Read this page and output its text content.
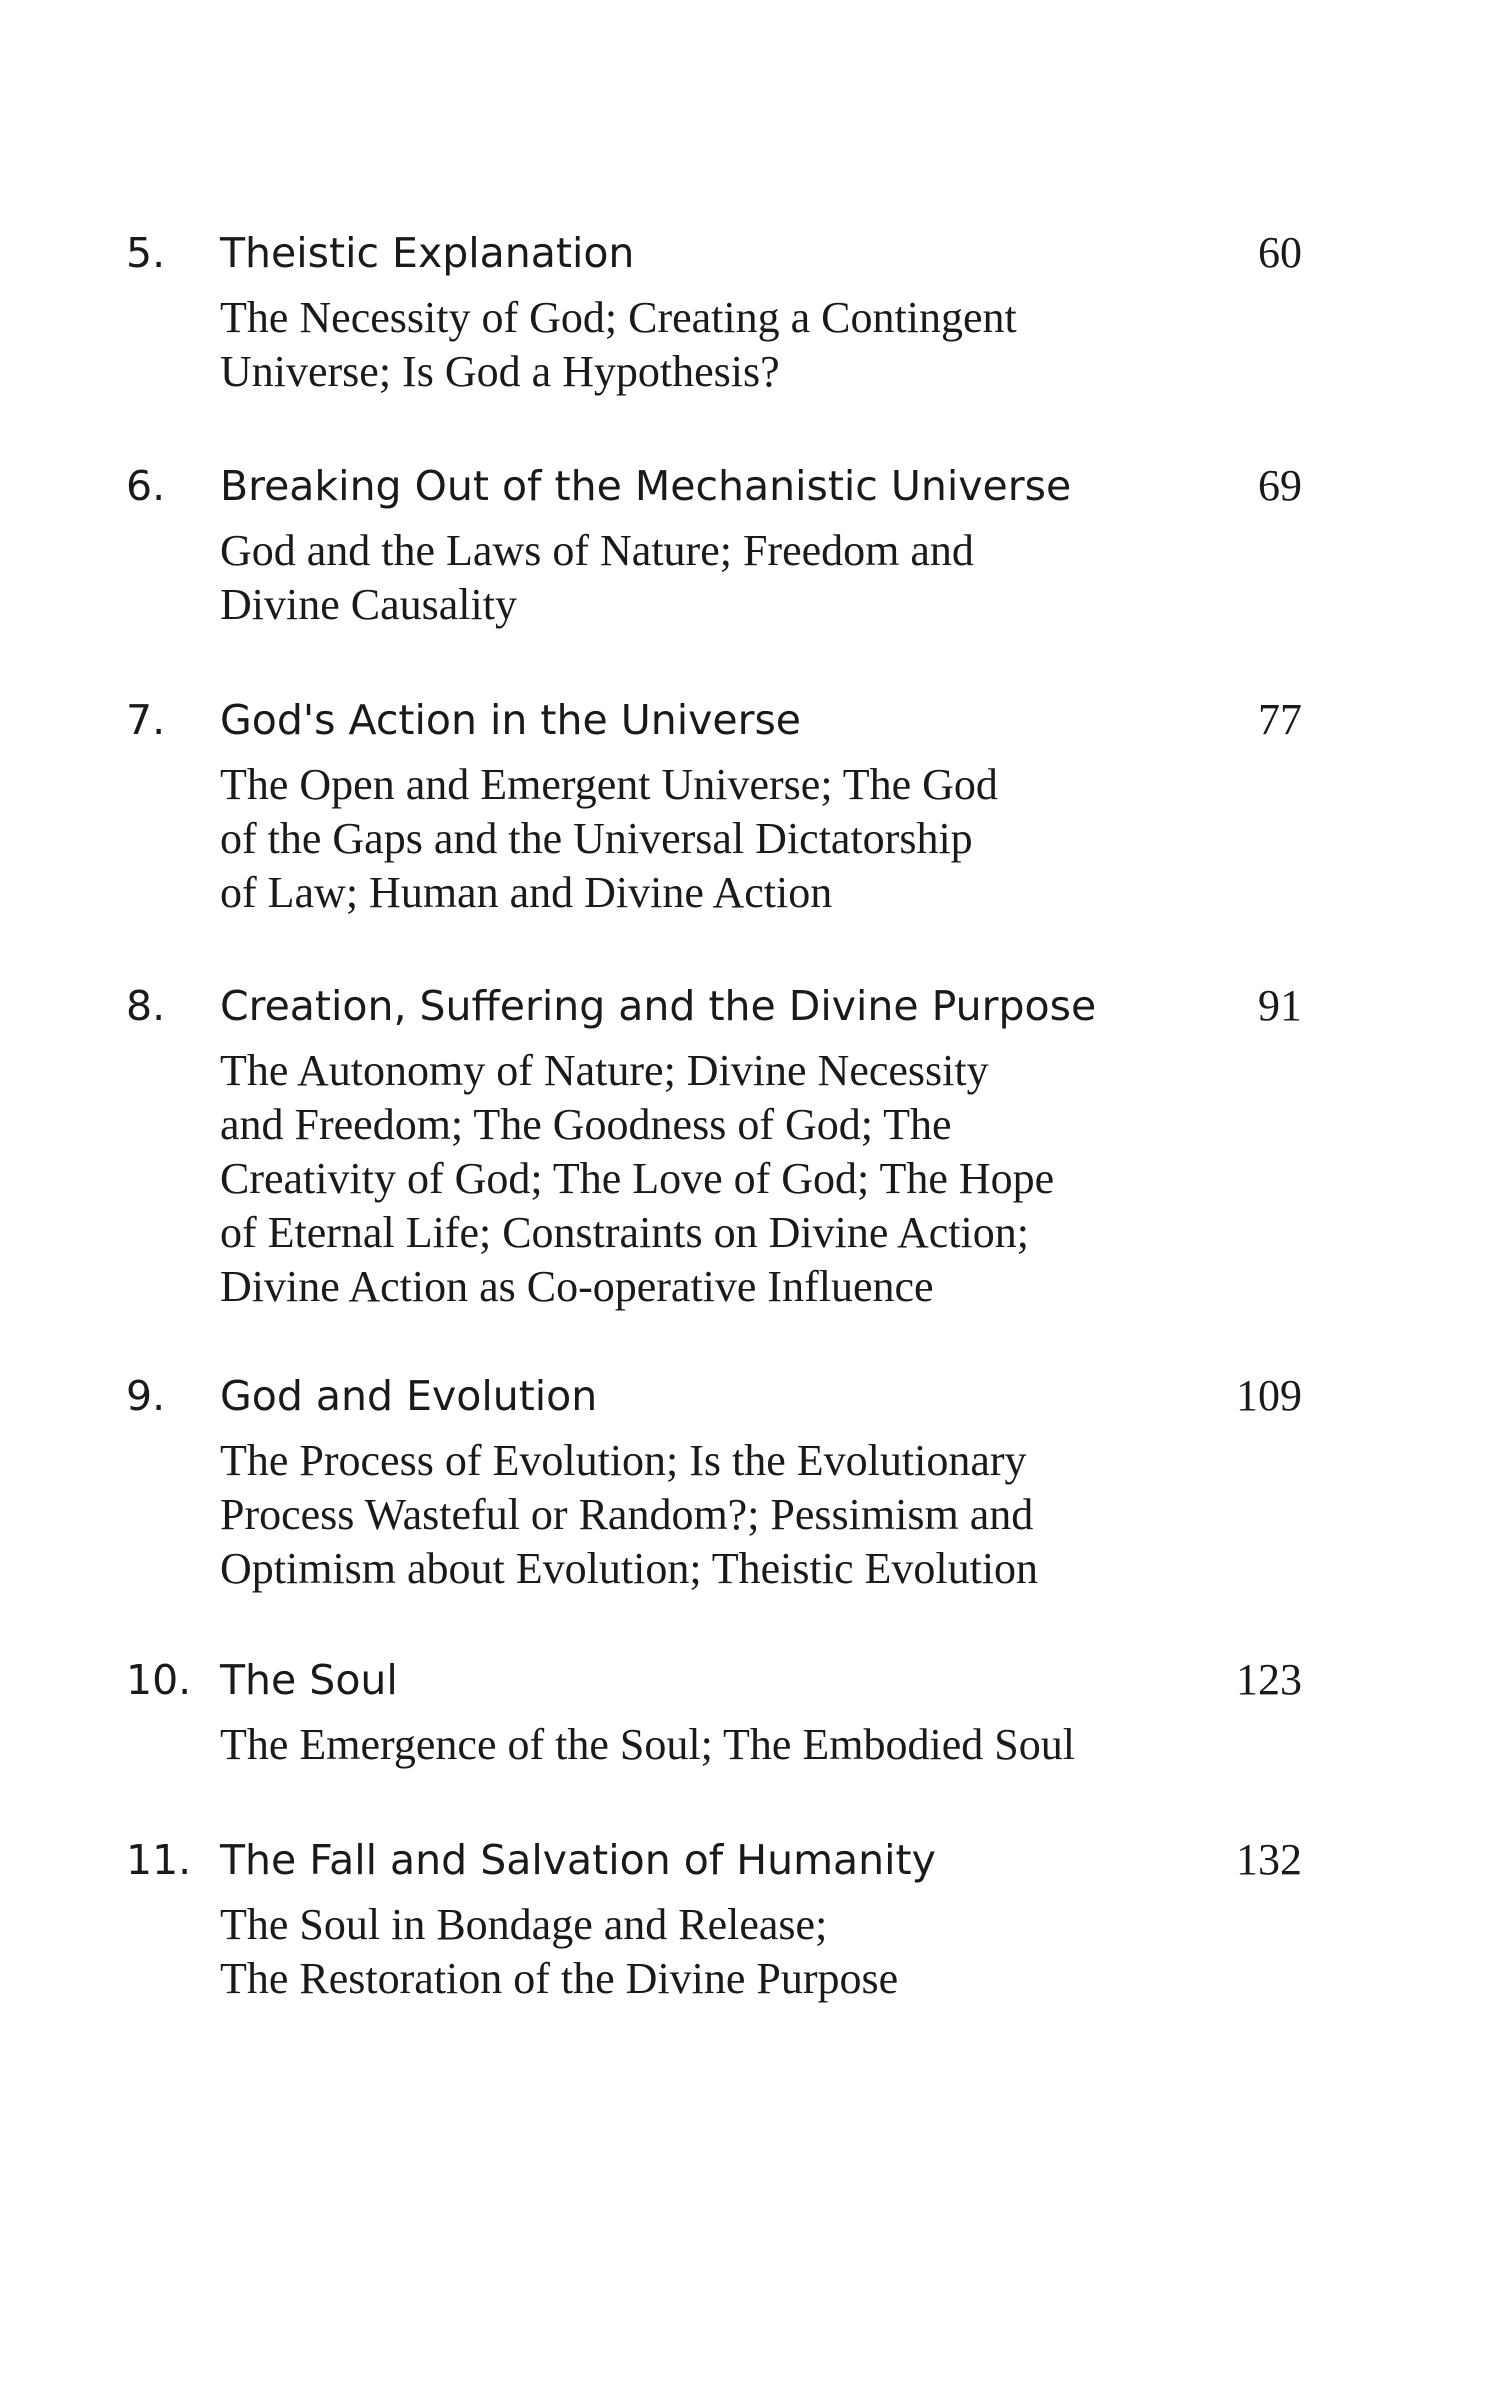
5. Theistic Explanation	60
The Necessity of God; Creating a Contingent
Universe; Is God a Hypothesis?
6. Breaking Out of the Mechanistic Universe	69
God and the Laws of Nature; Freedom and
Divine Causality
7. God's Action in the Universe	77
The Open and Emergent Universe; The God
of the Gaps and the Universal Dictatorship
of Law; Human and Divine Action
8. Creation, Suffering and the Divine Purpose	91
The Autonomy of Nature; Divine Necessity
and Freedom; The Goodness of God; The
Creativity of God; The Love of God; The Hope
of Eternal Life; Constraints on Divine Action;
Divine Action as Co-operative Influence
9. God and Evolution	109
The Process of Evolution; Is the Evolutionary
Process Wasteful or Random?; Pessimism and
Optimism about Evolution; Theistic Evolution
10. The Soul	123
The Emergence of the Soul; The Embodied Soul
11. The Fall and Salvation of Humanity	132
The Soul in Bondage and Release;
The Restoration of the Divine Purpose
